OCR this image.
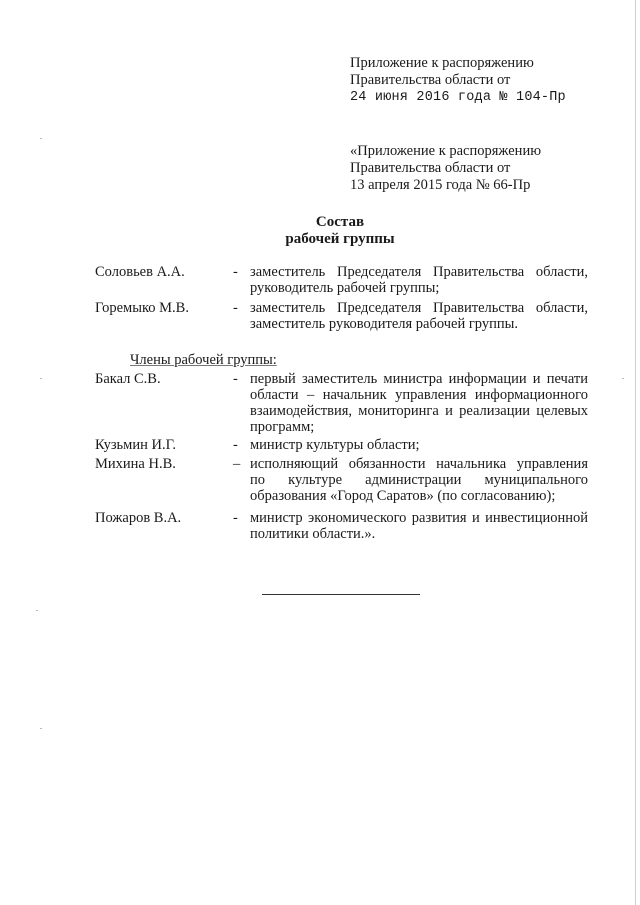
Приложение к распоряжению
Правительства области от
24 июня 2016 года № 104-Пр
«Приложение к распоряжению
Правительства области от
13 апреля 2015 года № 66-Пр
Состав
рабочей группы
Соловьев А.А.	- заместитель Председателя Правительства области,
руководитель рабочей группы;
Горемыко М.В.	- заместитель Председателя Правительства области,
заместитель руководителя рабочей группы.
Члены рабочей группы:
Бакал С.В.	- первый заместитель министра информации и печати
области – начальник управления информационного
взаимодействия, мониторинга и реализации целевых
программ;
Кузьмин И.Г.	- министр культуры области;
Михина Н.В.	– исполняющий обязанности начальника управления
по культуре администрации муниципального
образования «Город Саратов» (по согласованию);
Пожаров В.А.	- министр экономического развития и инвестиционной
политики области.».
